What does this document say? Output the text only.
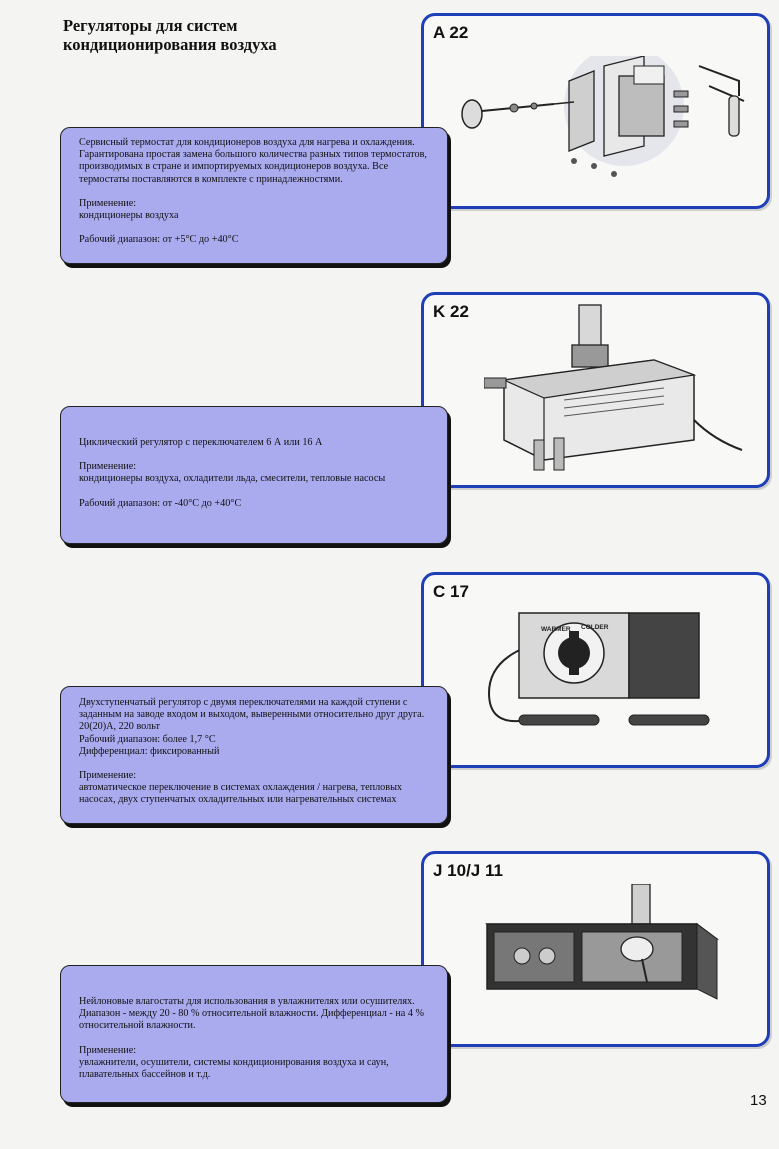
Регуляторы для систем
кондиционирования воздуха
A 22

Сервисный термостат для кондиционеров воздуха для нагрева и охлаждения. Гарантирована простая замена большого количества разных типов термостатов, производимых в стране и импортируемых кондиционеров воздуха. Все термостаты поставляются в комплекте с принадлежностями.

Применение:
кондиционеры воздуха

Рабочий диапазон: от +5°С до +40°С

K 22

Циклический регулятор с переключателем 6 А или 16 А

Применение:
кондиционеры воздуха, охладители льда, смесители, тепловые насосы

Рабочий диапазон: от -40°С до +40°С

C 17
WARMER COLDER

Двухступенчатый регулятор с двумя переключателями на каждой ступени с заданным на заводе входом и выходом, выверенными относительно друг друга. 20(20)А, 220 вольт
Рабочий диапазон: более 1,7 °С
Дифференциал: фиксированный

Применение:
автоматическое переключение в системах охлаждения / нагрева, тепловых насосах, двух ступенчатых охладительных или нагревательных системах

J 10/J 11

Нейлоновые влагостаты для использования в увлажнителях или осушителях. Диапазон - между 20 - 80 % относительной влажности. Дифференциал - на 4 % относительной влажности.

Применение:
увлажнители, осушители, системы кондиционирования воздуха и саун, плавательных бассейнов и т.д.

13
